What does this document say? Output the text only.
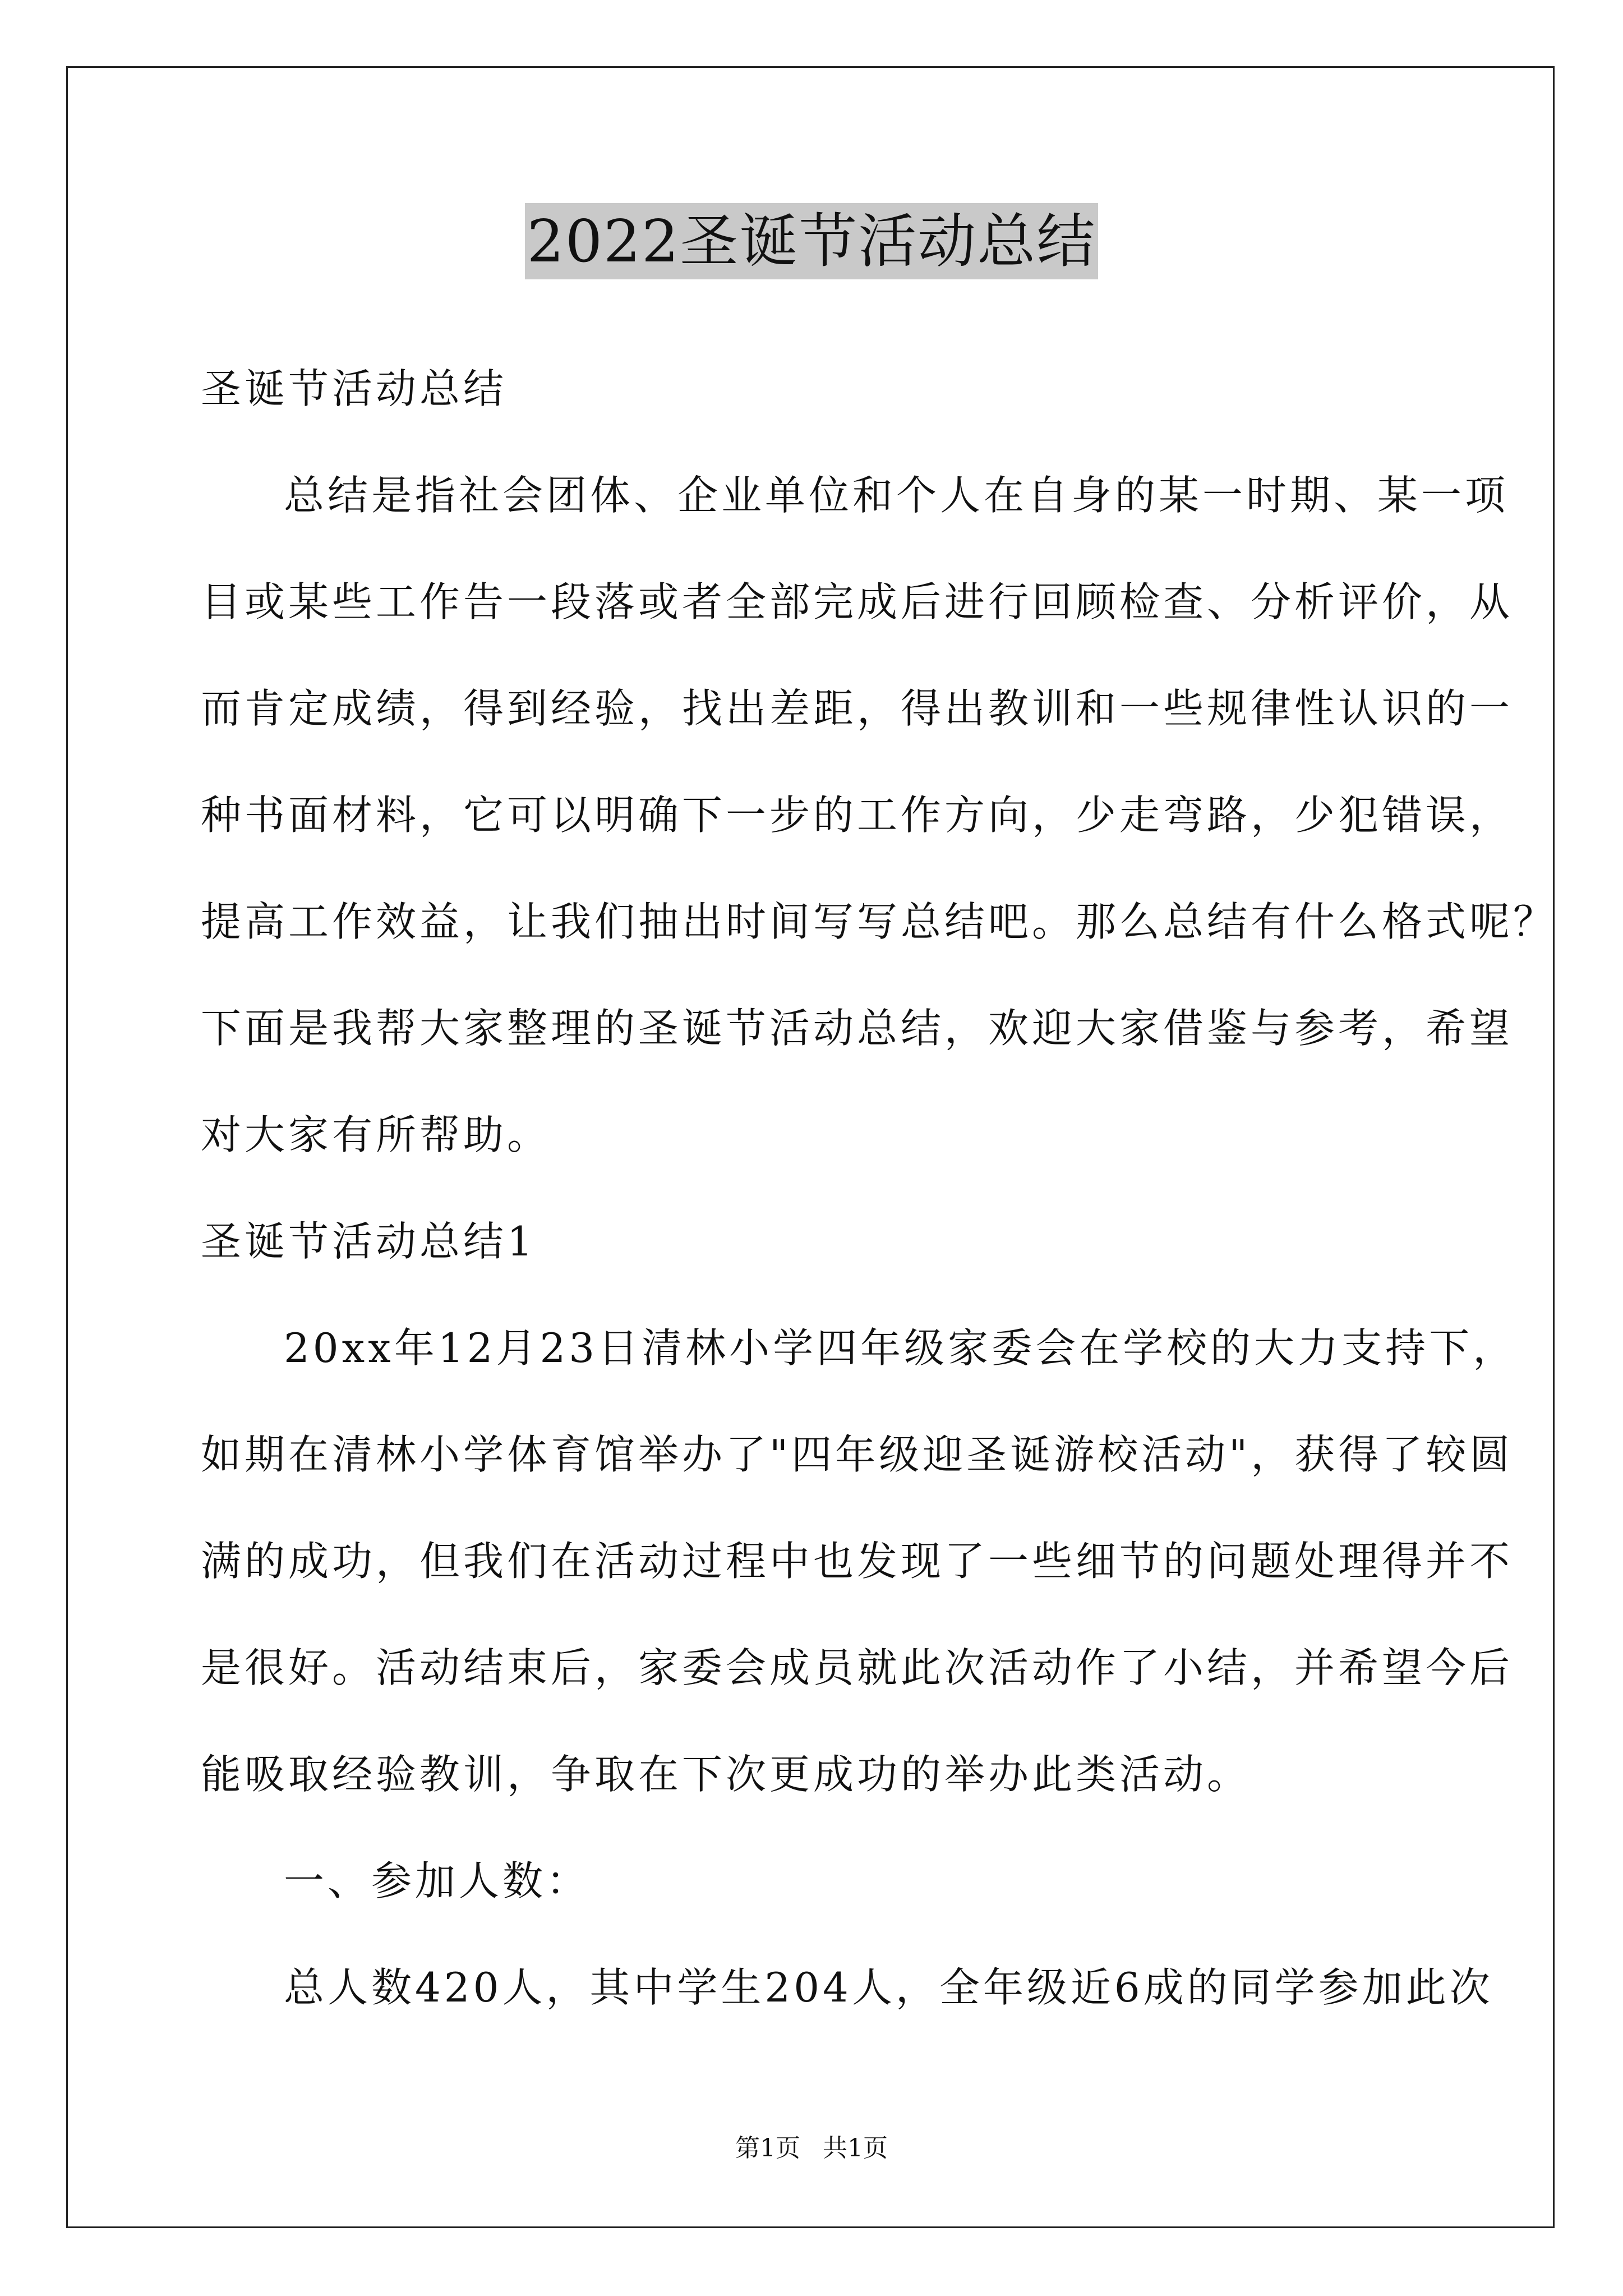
2022圣诞节活动总结
圣诞节活动总结
总结是指社会团体、企业单位和个人在自身的某一时期、某一项
目或某些工作告一段落或者全部完成后进行回顾检查、分析评价，从
而肯定成绩，得到经验，找出差距，得出教训和一些规律性认识的一
种书面材料，它可以明确下一步的工作方向，少走弯路，少犯错误，
提高工作效益，让我们抽出时间写写总结吧。那么总结有什么格式呢？
下面是我帮大家整理的圣诞节活动总结，欢迎大家借鉴与参考，希望
对大家有所帮助。
圣诞节活动总结1
20xx年12月23日清林小学四年级家委会在学校的大力支持下，
如期在清林小学体育馆举办了"四年级迎圣诞游校活动"，获得了较圆
满的成功，但我们在活动过程中也发现了一些细节的问题处理得并不
是很好。活动结束后，家委会成员就此次活动作了小结，并希望今后
能吸取经验教训，争取在下次更成功的举办此类活动。
一、参加人数：
总人数420人，其中学生204人，全年级近6成的同学参加此次
第1页 共1页
